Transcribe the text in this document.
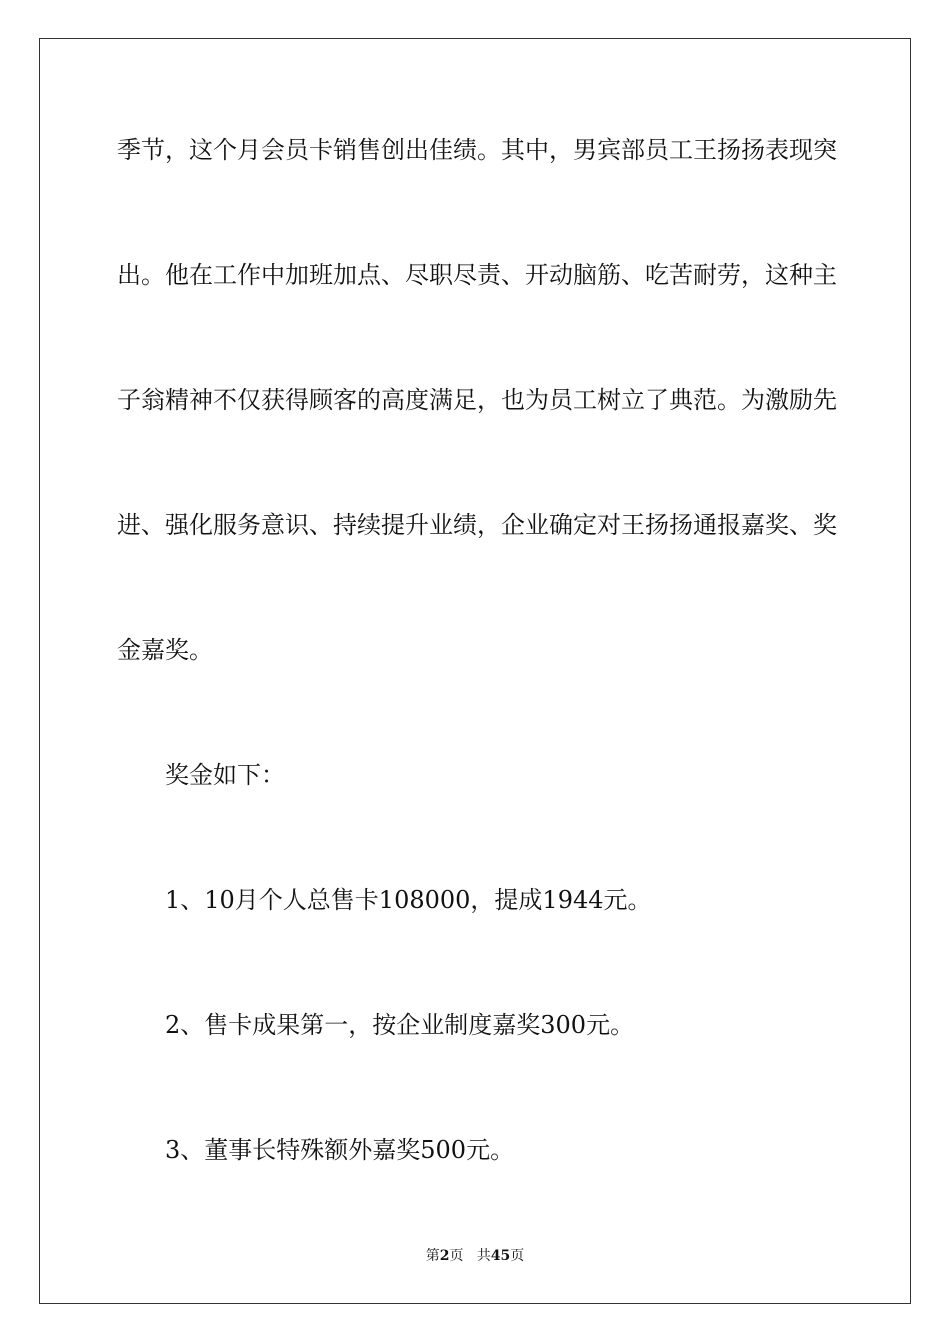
季节，这个月会员卡销售创出佳绩。其中，男宾部员工王扬扬表现突
出。他在工作中加班加点、尽职尽责、开动脑筋、吃苦耐劳，这种主
子翁精神不仅获得顾客的高度满足，也为员工树立了典范。为激励先
进、强化服务意识、持续提升业绩，企业确定对王扬扬通报嘉奖、奖
金嘉奖。
奖金如下：
1、10月个人总售卡108000，提成1944元。
2、售卡成果第一，按企业制度嘉奖300元。
3、董事长特殊额外嘉奖500元。
第2页 共45页
